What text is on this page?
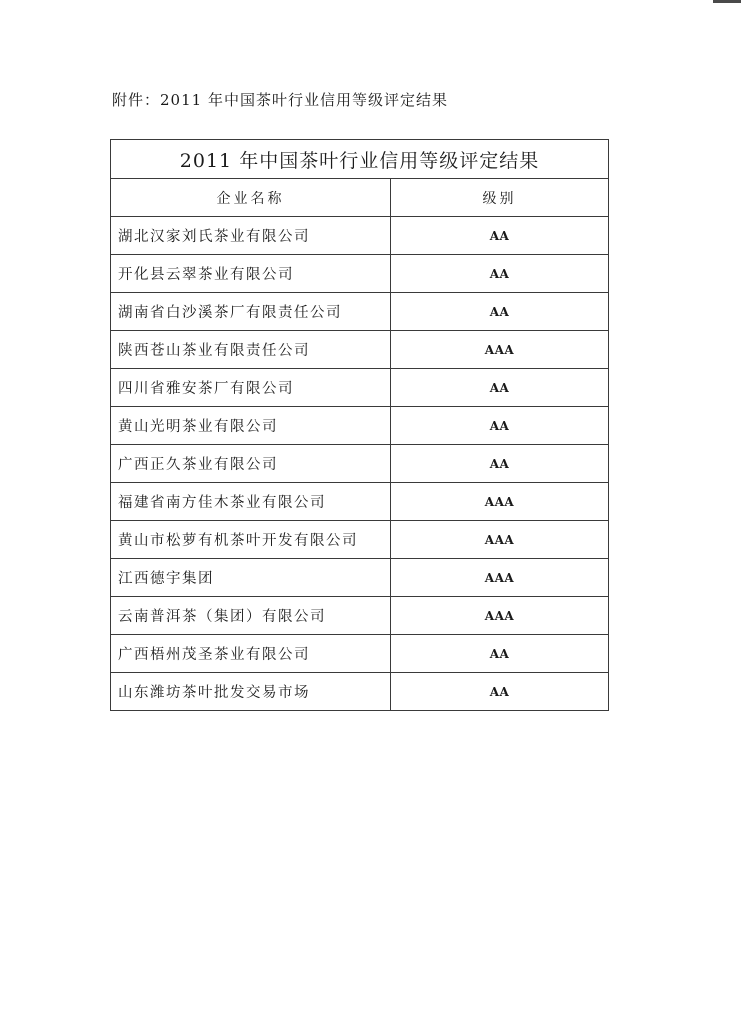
附件：2011 年中国茶叶行业信用等级评定结果
2011 年中国茶叶行业信用等级评定结果	
企业名称	级别
湖北汉家刘氏茶业有限公司	AA
开化县云翠茶业有限公司	AA
湖南省白沙溪茶厂有限责任公司	AA
陕西苍山茶业有限责任公司	AAA
四川省雅安茶厂有限公司	AA
黄山光明茶业有限公司	AA
广西正久茶业有限公司	AA
福建省南方佳木茶业有限公司	AAA
黄山市松萝有机茶叶开发有限公司	AAA
江西德宇集团	AAA
云南普洱茶（集团）有限公司	AAA
广西梧州茂圣茶业有限公司	AA
山东潍坊茶叶批发交易市场	AA
